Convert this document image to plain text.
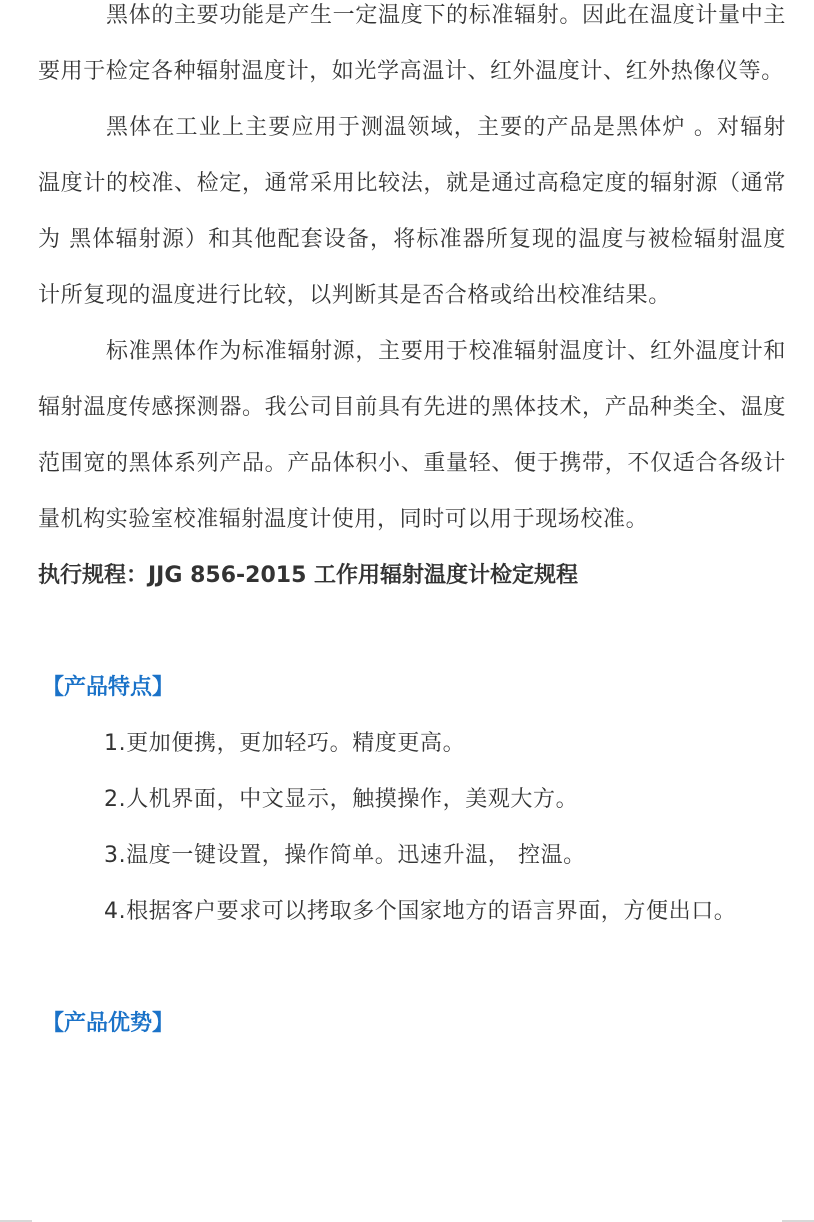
黑体的主要功能是产生一定温度下的标准辐射。因此在温度计量中主要用于检定各种辐射温度计，如光学高温计、红外温度计、红外热像仪等。

黑体在工业上主要应用于测温领域，主要的产品是黑体炉 。对辐射温度计的校准、检定，通常采用比较法，就是通过高稳定度的辐射源（通常为 黑体辐射源）和其他配套设备，将标准器所复现的温度与被检辐射温度计所复现的温度进行比较，以判断其是否合格或给出校准结果。

标准黑体作为标准辐射源，主要用于校准辐射温度计、红外温度计和辐射温度传感探测器。我公司目前具有先进的黑体技术，产品种类全、温度范围宽的黑体系列产品。产品体积小、重量轻、便于携带，不仅适合各级计量机构实验室校准辐射温度计使用，同时可以用于现场校准。

执行规程：JJG 856-2015 工作用辐射温度计检定规程

【产品特点】

1.更加便携，更加轻巧。精度更高。

2.人机界面，中文显示，触摸操作，美观大方。

3.温度一键设置，操作简单。迅速升温， 控温。

4.根据客户要求可以拷取多个国家地方的语言界面，方便出口。

【产品优势】
